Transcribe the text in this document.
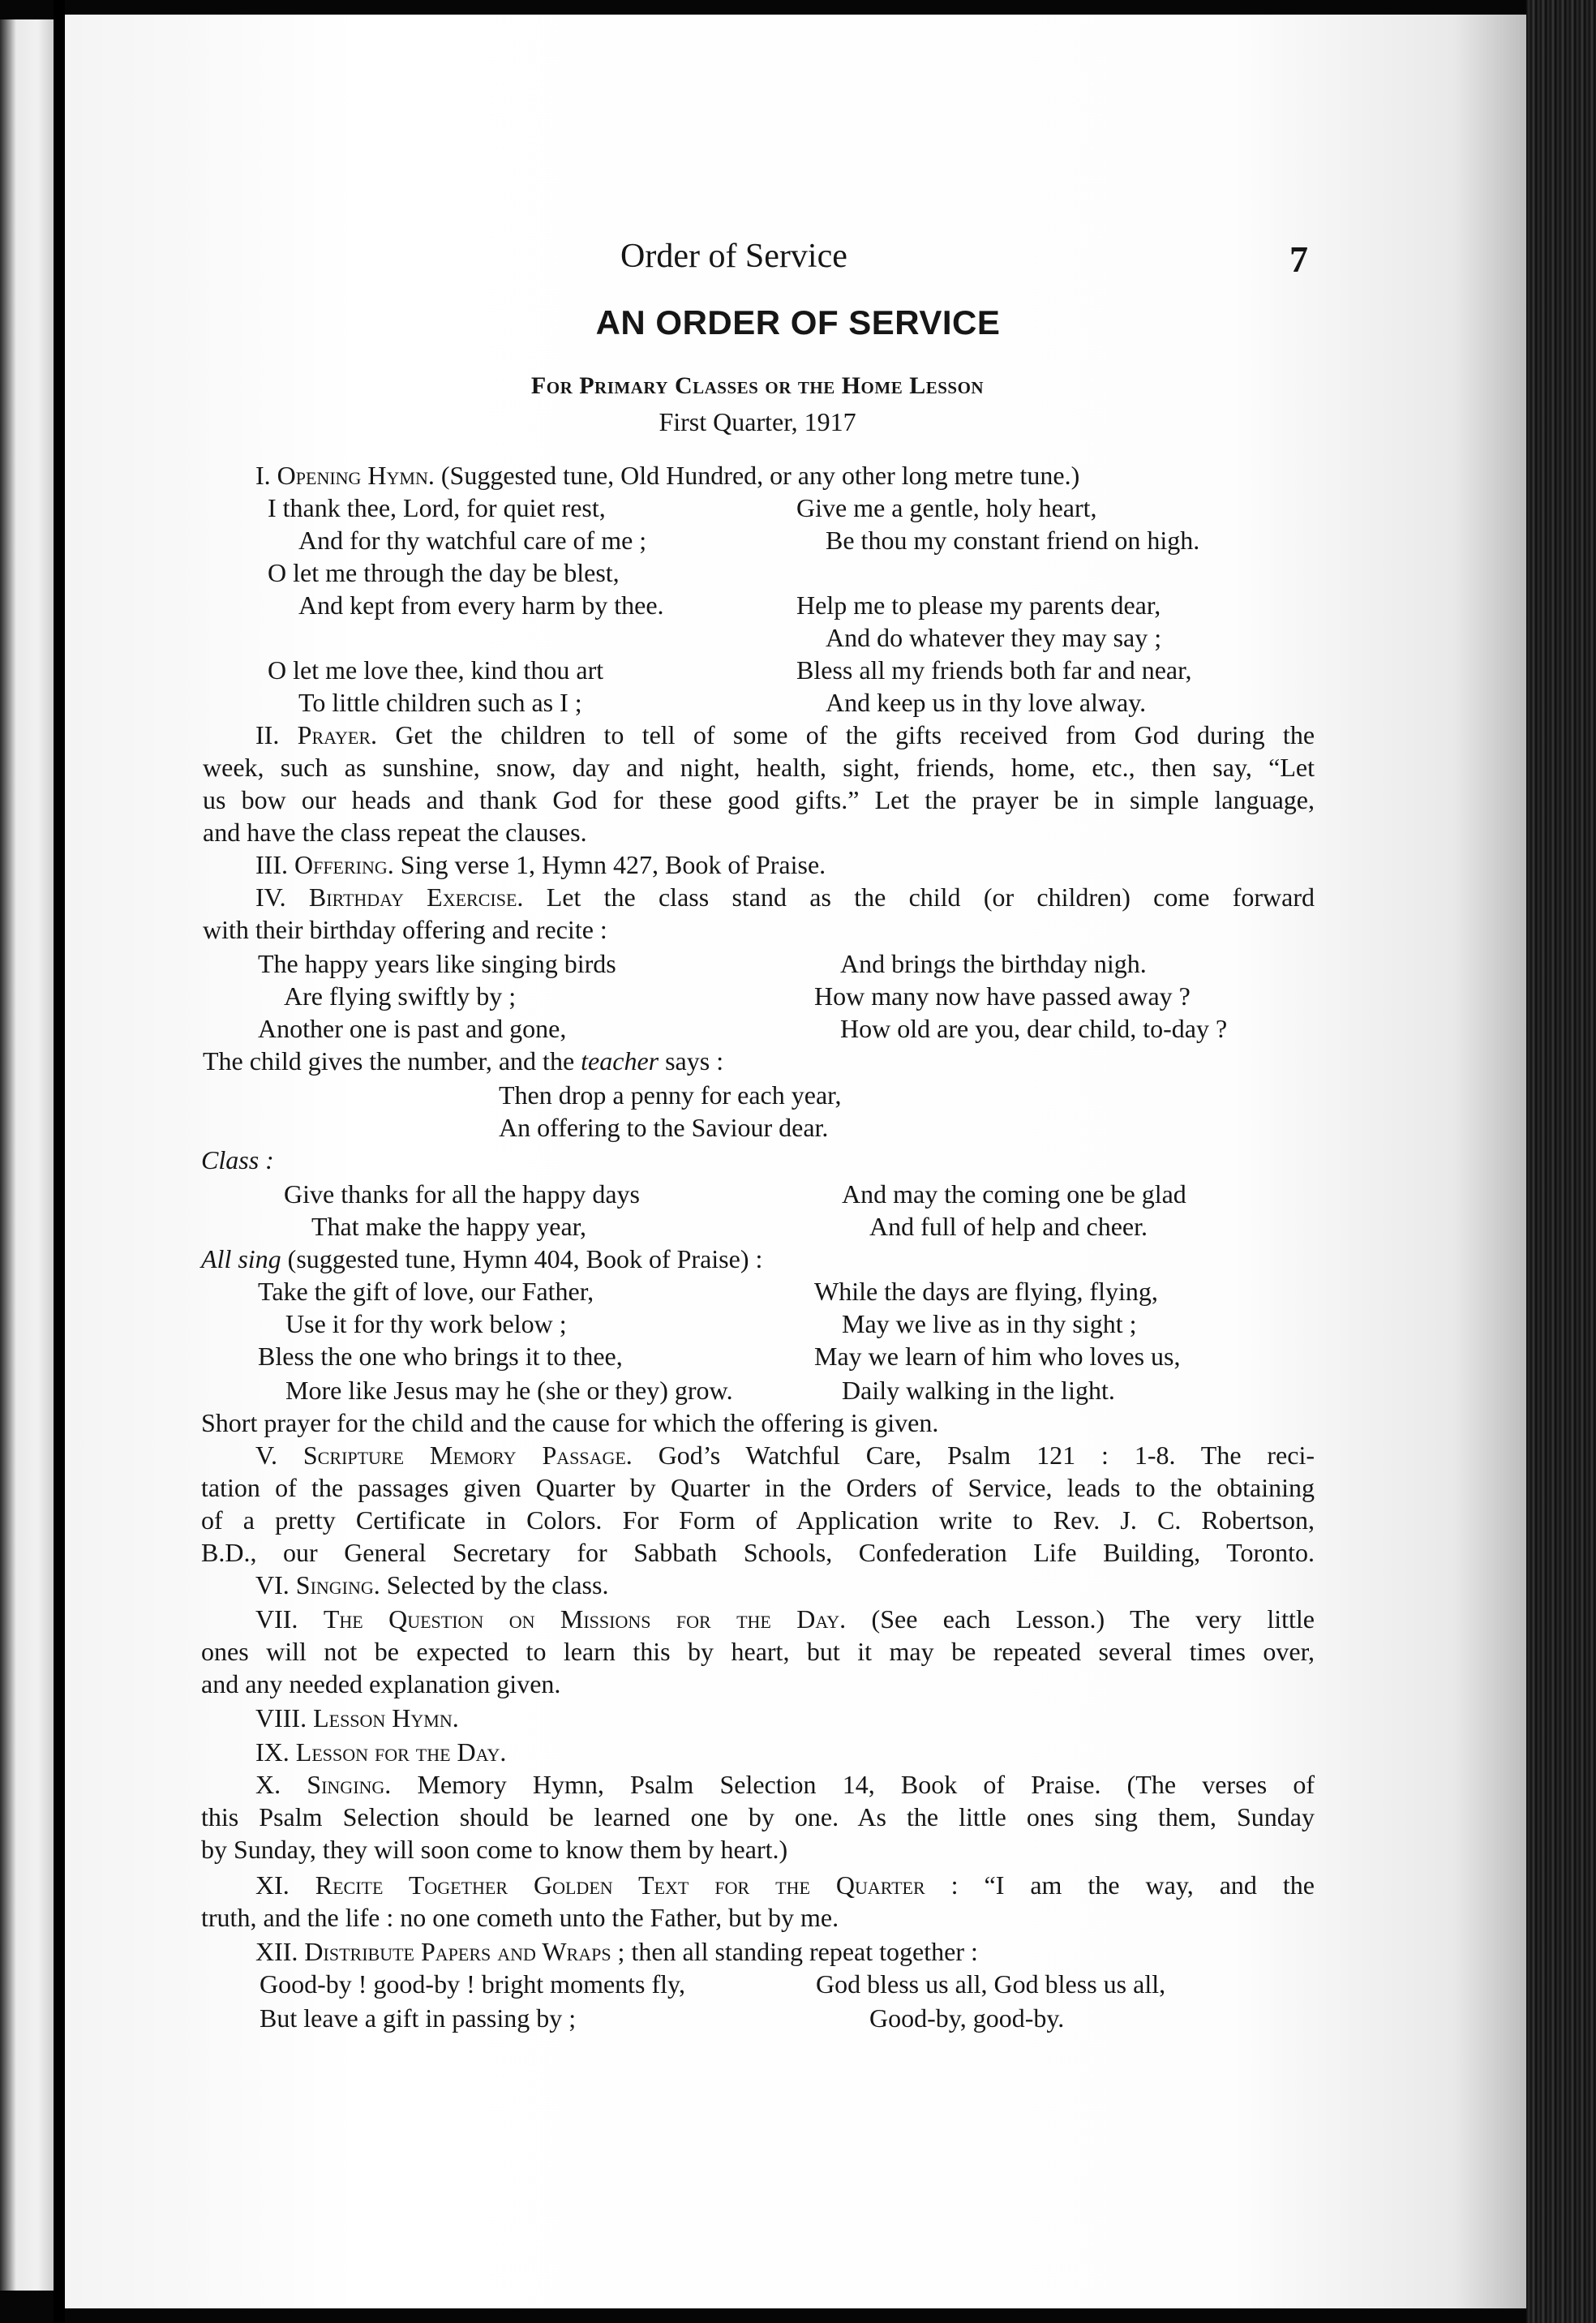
Order of Service	7
AN ORDER OF SERVICE
For Primary Classes or the Home Lesson
First Quarter, 1917
I. Opening Hymn. (Suggested tune, Old Hundred, or any other long metre tune.)
I thank thee, Lord, for quiet rest,
And for thy watchful care of me ;
O let me through the day be blest,
And kept from every harm by thee.
O let me love thee, kind thou art
To little children such as I ;
Give me a gentle, holy heart,
Be thou my constant friend on high.
Help me to please my parents dear,
And do whatever they may say ;
Bless all my friends both far and near,
And keep us in thy love alway.
II. Prayer. Get the children to tell of some of the gifts received from God during the
week, such as sunshine, snow, day and night, health, sight, friends, home, etc., then say, “Let
us bow our heads and thank God for these good gifts.” Let the prayer be in simple language,
and have the class repeat the clauses.
III. Offering. Sing verse 1, Hymn 427, Book of Praise.
IV. Birthday Exercise. Let the class stand as the child (or children) come forward
with their birthday offering and recite :
The happy years like singing birds
Are flying swiftly by ;
Another one is past and gone,
And brings the birthday nigh.
How many now have passed away ?
How old are you, dear child, to-day ?
The child gives the number, and the teacher says :
Then drop a penny for each year,
An offering to the Saviour dear.
Class :
Give thanks for all the happy days
That make the happy year,
And may the coming one be glad
And full of help and cheer.
All sing (suggested tune, Hymn 404, Book of Praise) :
Take the gift of love, our Father,
Use it for thy work below ;
Bless the one who brings it to thee,
More like Jesus may he (she or they) grow.
While the days are flying, flying,
May we live as in thy sight ;
May we learn of him who loves us,
Daily walking in the light.
Short prayer for the child and the cause for which the offering is given.
V. Scripture Memory Passage. God’s Watchful Care, Psalm 121 : 1-8. The reci-
tation of the passages given Quarter by Quarter in the Orders of Service, leads to the obtaining
of a pretty Certificate in Colors. For Form of Application write to Rev. J. C. Robertson,
B.D., our General Secretary for Sabbath Schools, Confederation Life Building, Toronto.
VI. Singing. Selected by the class.
VII. The Question on Missions for the Day. (See each Lesson.) The very little
ones will not be expected to learn this by heart, but it may be repeated several times over,
and any needed explanation given.
VIII. Lesson Hymn.
IX. Lesson for the Day.
X. Singing. Memory Hymn, Psalm Selection 14, Book of Praise. (The verses of
this Psalm Selection should be learned one by one. As the little ones sing them, Sunday
by Sunday, they will soon come to know them by heart.)
XI. Recite Together Golden Text for the Quarter : “I am the way, and the
truth, and the life : no one cometh unto the Father, but by me.
XII. Distribute Papers and Wraps ; then all standing repeat together :
Good-by ! good-by ! bright moments fly,
But leave a gift in passing by ;
God bless us all, God bless us all,
Good-by, good-by.
